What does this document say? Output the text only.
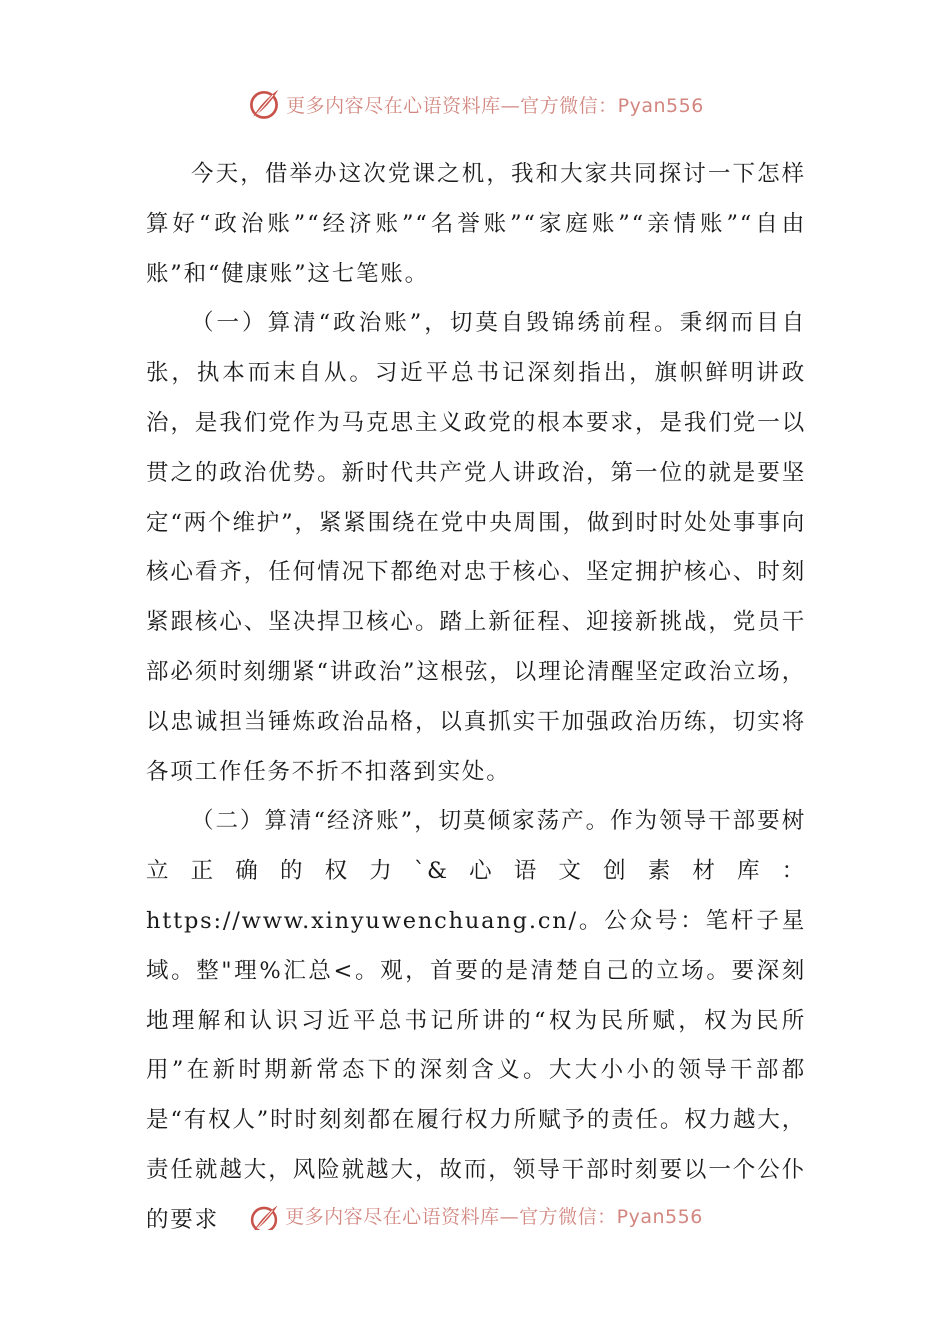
更多内容尽在心语资料库—官方微信：Pyan556

今天，借举办这次党课之机，我和大家共同探讨一下怎样算好“政治账”“经济账”“名誉账”“家庭账”“亲情账”“自由账”和“健康账”这七笔账。

（一）算清“政治账”，切莫自毁锦绣前程。秉纲而目自张，执本而末自从。习近平总书记深刻指出，旗帜鲜明讲政治，是我们党作为马克思主义政党的根本要求，是我们党一以贯之的政治优势。新时代共产党人讲政治，第一位的就是要坚定“两个维护”，紧紧围绕在党中央周围，做到时时处处事事向核心看齐，任何情况下都绝对忠于核心、坚定拥护核心、时刻紧跟核心、坚决捍卫核心。踏上新征程、迎接新挑战，党员干部必须时刻绷紧“讲政治”这根弦，以理论清醒坚定政治立场，以忠诚担当锤炼政治品格，以真抓实干加强政治历练，切实将各项工作任务不折不扣落到实处。

（二）算清“经济账”，切莫倾家荡产。作为领导干部要树立正确的权力`&心语文创素材库：https://www.xinyuwenchuang.cn/。公众号：笔杆子星域。整"理%汇总<。观，首要的是清楚自己的立场。要深刻地理解和认识习近平总书记所讲的“权为民所赋，权为民所用”在新时期新常态下的深刻含义。大大小小的领导干部都是“有权人”时时刻刻都在履行权力所赋予的责任。权力越大，责任就越大，风险就越大，故而，领导干部时刻要以一个公仆的要求	更多内容尽在心语资料库—官方微信：Pyan556
